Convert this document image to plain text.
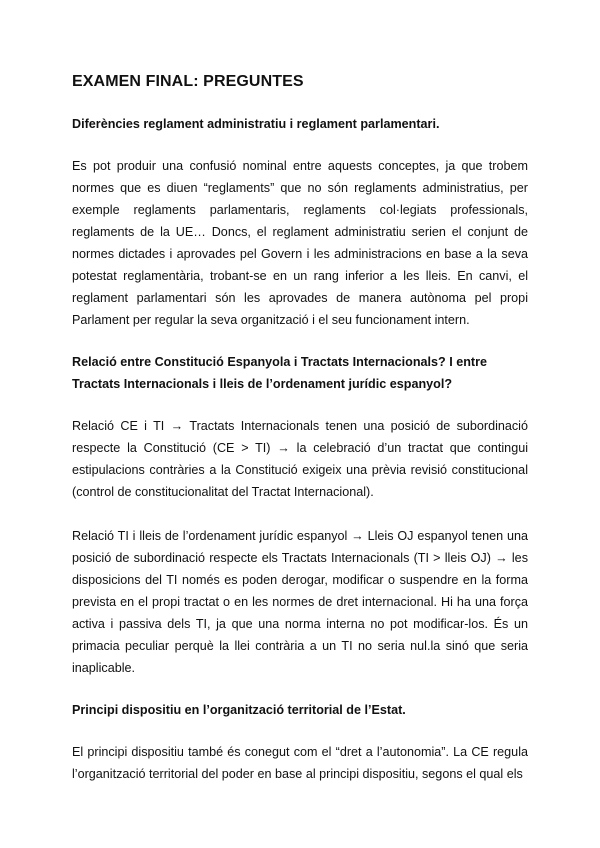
EXAMEN FINAL: PREGUNTES

Diferències reglament administratiu i reglament parlamentari.

Es pot produir una confusió nominal entre aquests conceptes, ja que trobem normes que es diuen “reglaments” que no són reglaments administratius, per exemple reglaments parlamentaris, reglaments col·legiats professionals, reglaments de la UE… Doncs, el reglament administratiu serien el conjunt de normes dictades i aprovades pel Govern i les administracions en base a la seva potestat reglamentària, trobant-se en un rang inferior a les lleis. En canvi, el reglament parlamentari són les aprovades de manera autònoma pel propi Parlament per regular la seva organització i el seu funcionament intern.

Relació entre Constitució Espanyola i Tractats Internacionals? I entre Tractats Internacionals i lleis de l’ordenament jurídic espanyol?

Relació CE i TI → Tractats Internacionals tenen una posició de subordinació respecte la Constitució (CE > TI) → la celebració d’un tractat que contingui estipulacions contràries a la Constitució exigeix una prèvia revisió constitucional (control de constitucionalitat del Tractat Internacional).

Relació TI i lleis de l’ordenament jurídic espanyol → Lleis OJ espanyol tenen una posició de subordinació respecte els Tractats Internacionals (TI > lleis OJ) → les disposicions del TI només es poden derogar, modificar o suspendre en la forma prevista en el propi tractat o en les normes de dret internacional. Hi ha una força activa i passiva dels TI, ja que una norma interna no pot modificar-los. És un primacia peculiar perquè la llei contrària a un TI no seria nul.la sinó que seria inaplicable.

Principi dispositiu en l’organització territorial de l’Estat.

El principi dispositiu també és conegut com el “dret a l’autonomia”. La CE regula l’organització territorial del poder en base al principi dispositiu, segons el qual els
